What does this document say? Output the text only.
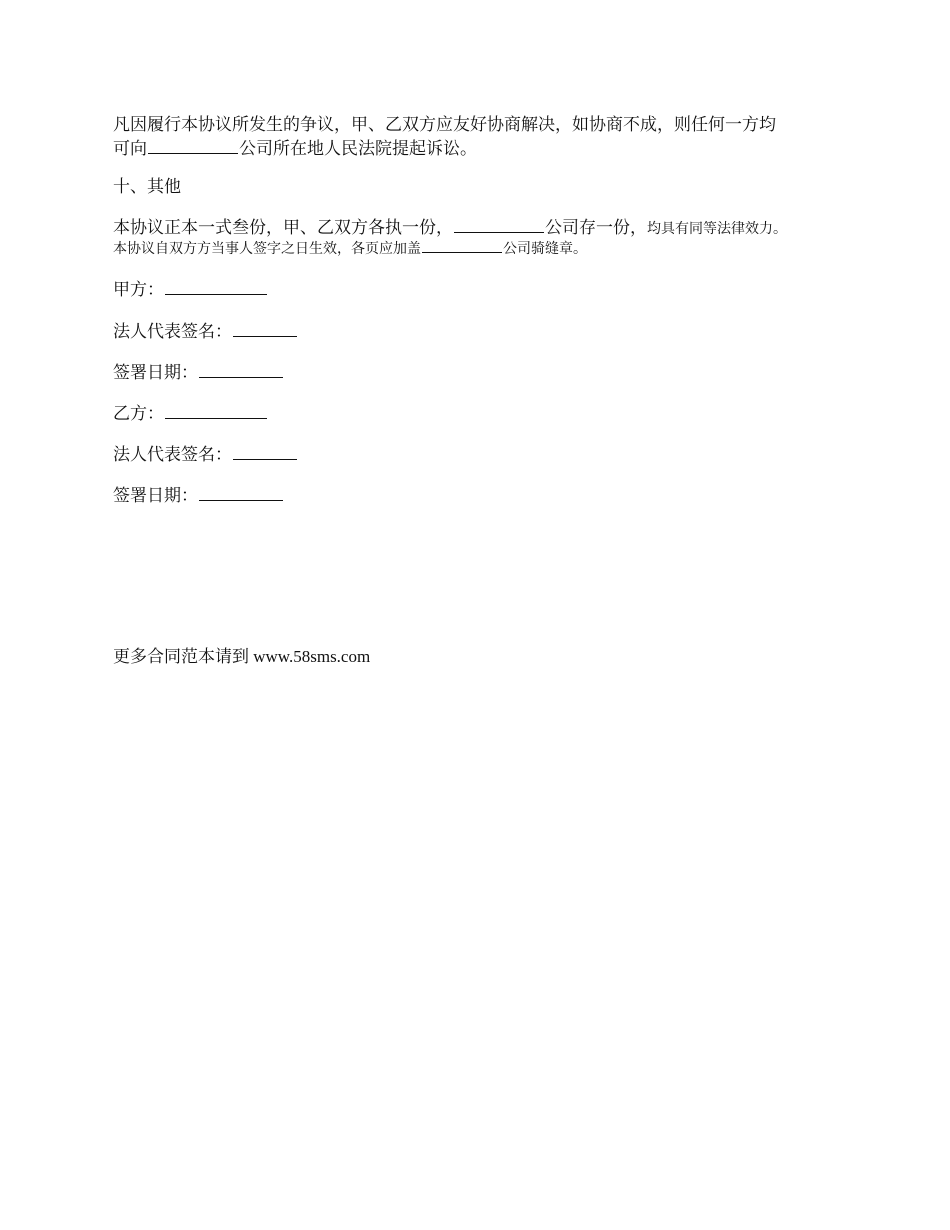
凡因履行本协议所发生的争议，甲、乙双方应友好协商解决，如协商不成，则任何一方均
可向	公司所在地人民法院提起诉讼。
十、其他
本协议正本一式叁份，甲、乙双方各执一份，	公司存一份，均具有同等法律效力。
本协议自双方方当事人签字之日生效，各页应加盖	公司骑缝章。
甲方：
法人代表签名：
签署日期：
乙方：
法人代表签名：
签署日期：
更多合同范本请到 www.58sms.com
